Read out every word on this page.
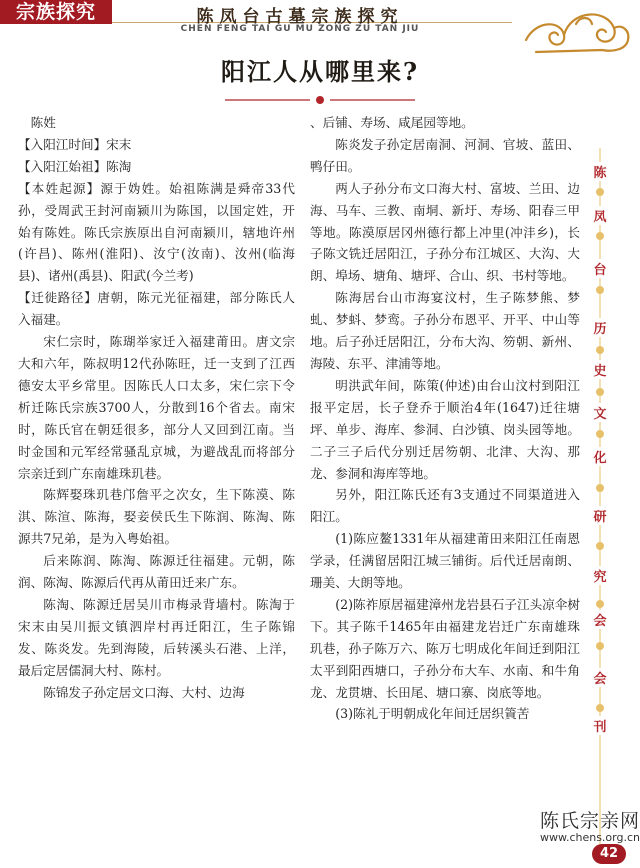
宗族探究	陈凤台古墓宗族探究
CHEN FENG TAI GU MU ZONG ZU TAN JIU
阳江人从哪里来?

陈姓

【入阳江时间】宋末

【入阳江始祖】陈淘

【本姓起源】源于妫姓。始祖陈满是舜帝33代孙，受周武王封河南颍川为陈国，以国定姓，开始有陈姓。陈氏宗族原出自河南颍川，辖地许州(许昌)、陈州(淮阳)、汝宁(汝南)、汝州(临海县)、诸州(禹县)、阳武(今兰考)

【迁徙路径】唐朝，陈元光征福建，部分陈氏人入福建。

宋仁宗时，陈瑚举家迁入福建莆田。唐文宗大和六年，陈叔明12代孙陈旺，迁一支到了江西德安太平乡常里。因陈氏人口太多，宋仁宗下令析迁陈氏宗族3700人，分散到16个省去。南宋时，陈氏官在朝廷很多，部分人又回到江南。当时金国和元军经常骚乱京城，为避战乱而将部分宗亲迁到广东南雄珠玑巷。

陈辉娶珠玑巷邝詹平之次女，生下陈漠、陈淇、陈渲、陈海，娶妾侯氏生下陈润、陈淘、陈源共7兄弟，是为入粤始祖。

后来陈润、陈淘、陈源迁往福建。元朝，陈润、陈淘、陈源后代再从莆田迁来广东。

陈淘、陈源迁居吴川市梅录背墙村。陈淘于宋末由吴川振文镇泗岸村再迁阳江，生子陈锦发、陈炎发。先到海陵，后转溪头石港、上洋，最后定居儒洞大村、陈村。

陈锦发子孙定居文口海、大村、边海

、后铺、寿场、咸尾园等地。

陈炎发子孙定居南洞、河洞、官坡、蓝田、鸭仔田。

两人子孙分布文口海大村、富坡、兰田、边海、马车、三教、南垌、新圩、寿场、阳春三甲等地。陈漠原居冈州德行都上冲里(冲沣乡)，长子陈文铣迁居阳江，子孙分布江城区、大沟、大朗、埠场、塘角、塘坪、合山、织、书村等地。

陈海居台山市海宴汶村，生子陈梦熊、梦虬、梦蚪、梦鸾。子孙分布恩平、开平、中山等地。后子孙迁居阳江，分布大沟、笏朝、新州、海陵、东平、津浦等地。

明洪武年间，陈策(仲述)由台山汶村到阳江报平定居，长子登乔于顺治4年(1647)迁往塘坪、单步、海库、参洞、白沙镇、岗头园等地。二子三子后代分别迁居笏朝、北津、大沟、那龙、参洞和海库等地。

另外，阳江陈氏还有3支通过不同渠道进入阳江。

(1)陈应鳌1331年从福建莆田来阳江任南恩学录，任满留居阳江城三铺街。后代迁居南朗、珊美、大朗等地。

(2)陈祚原居福建漳州龙岩县石子江头凉伞树下。其子陈千1465年由福建龙岩迁广东南雄珠玑巷，孙子陈万六、陈万七明成化年间迁到阳江太平到阳西塘口，子孙分布大车、水南、和牛角龙、龙贯塘、长田尾、塘口寨、岗底等地。

(3)陈礼于明朝成化年间迁居织篢苦

陈
凤
台
历
史
文
化
研
究
会
会
刊
陈氏宗亲网
www.chens.org.cn
42
